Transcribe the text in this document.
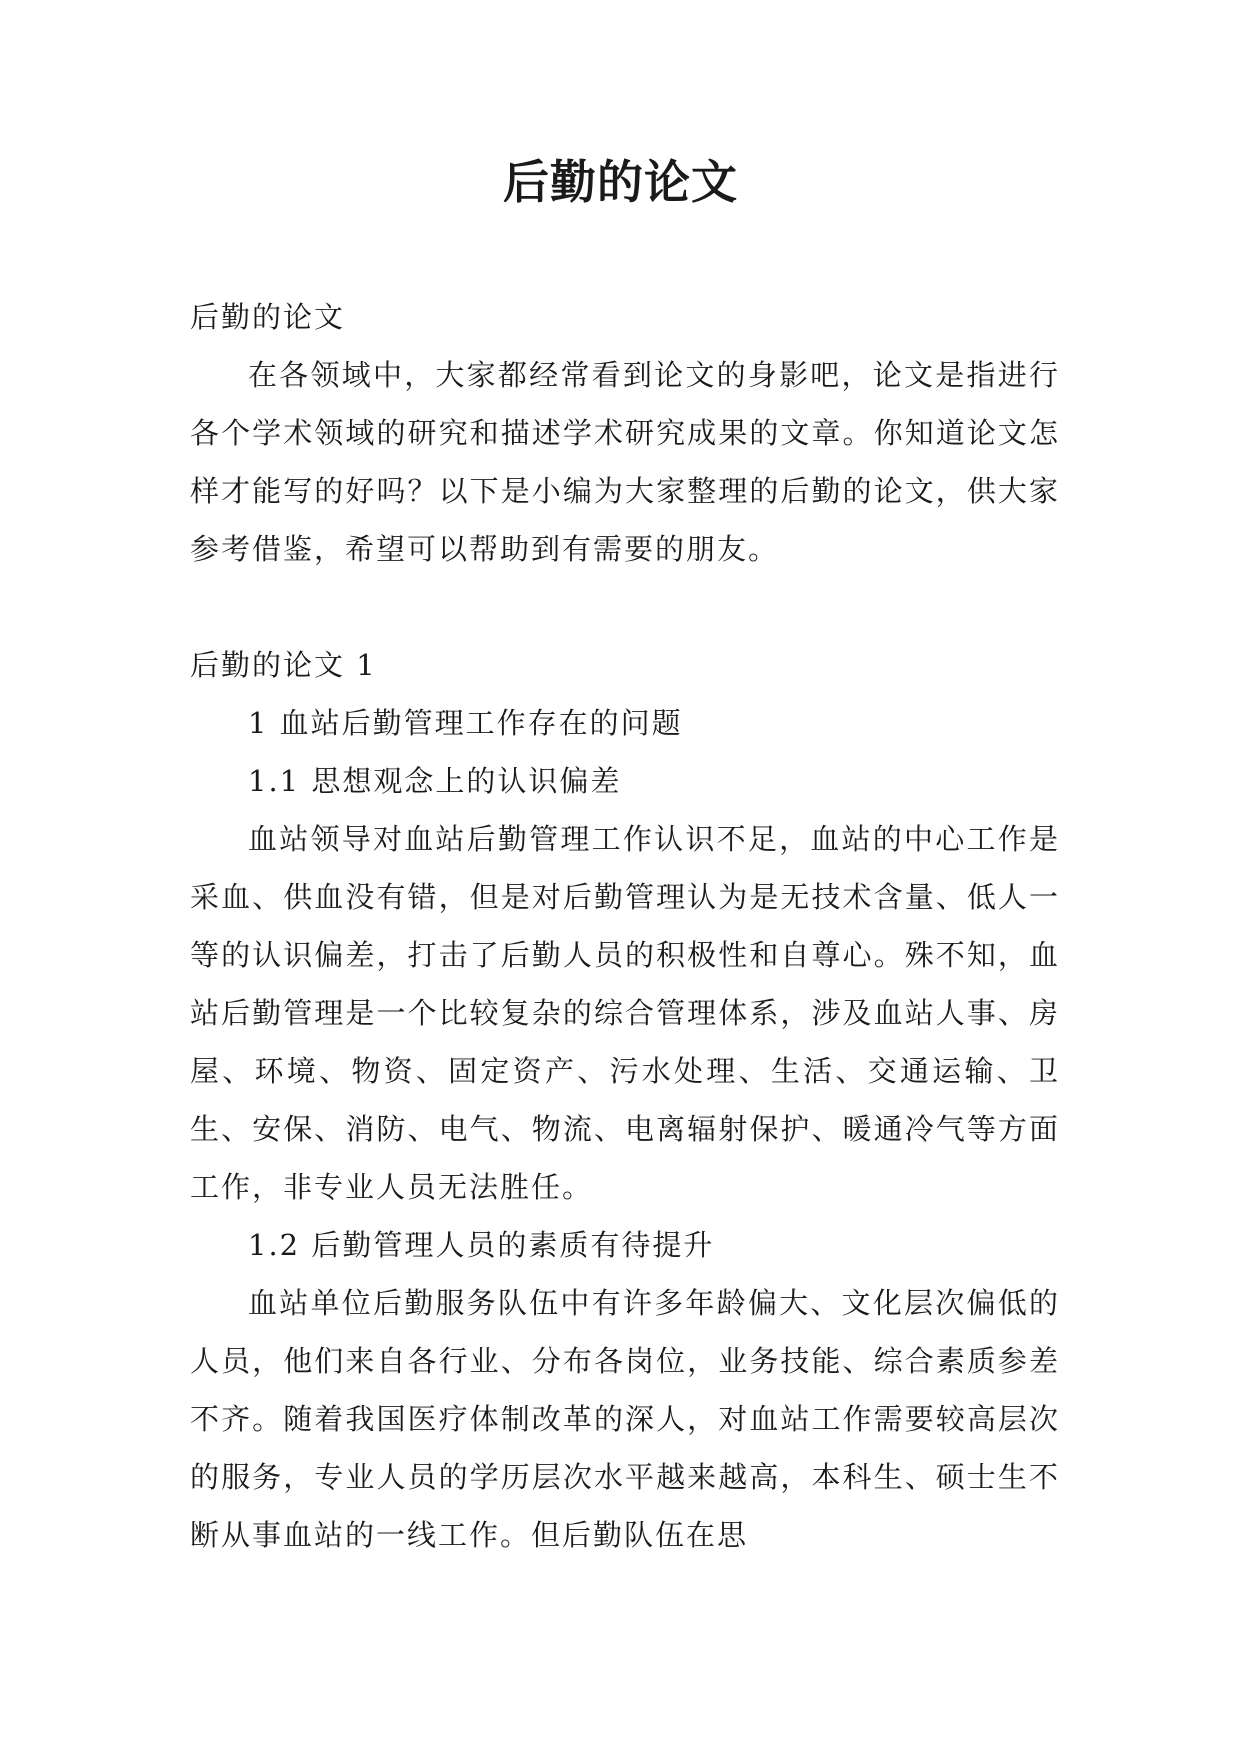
后勤的论文

后勤的论文

在各领域中，大家都经常看到论文的身影吧，论文是指进行各个学术领域的研究和描述学术研究成果的文章。你知道论文怎样才能写的好吗？以下是小编为大家整理的后勤的论文，供大家参考借鉴，希望可以帮助到有需要的朋友。

后勤的论文 1

1 血站后勤管理工作存在的问题

1.1 思想观念上的认识偏差

血站领导对血站后勤管理工作认识不足，血站的中心工作是采血、供血没有错，但是对后勤管理认为是无技术含量、低人一等的认识偏差，打击了后勤人员的积极性和自尊心。殊不知，血站后勤管理是一个比较复杂的综合管理体系，涉及血站人事、房屋、环境、物资、固定资产、污水处理、生活、交通运输、卫生、安保、消防、电气、物流、电离辐射保护、暖通冷气等方面工作，非专业人员无法胜任。

1.2 后勤管理人员的素质有待提升

血站单位后勤服务队伍中有许多年龄偏大、文化层次偏低的人员，他们来自各行业、分布各岗位，业务技能、综合素质参差不齐。随着我国医疗体制改革的深人，对血站工作需要较高层次的服务，专业人员的学历层次水平越来越高，本科生、硕士生不断从事血站的一线工作。但后勤队伍在思
